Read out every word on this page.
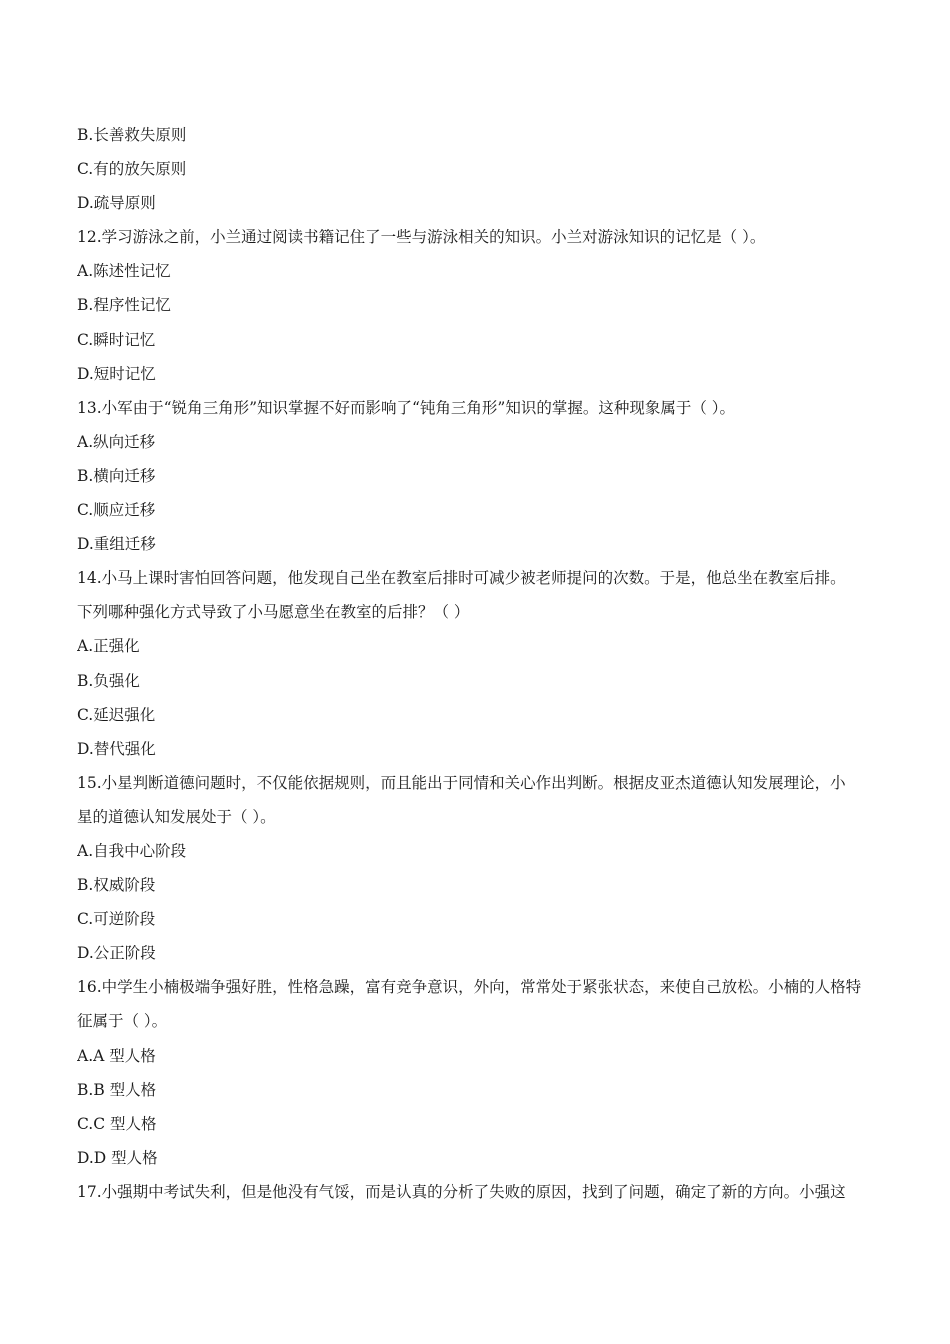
B.长善救失原则
C.有的放矢原则
D.疏导原则
12.学习游泳之前，小兰通过阅读书籍记住了一些与游泳相关的知识。小兰对游泳知识的记忆是（ ）。
A.陈述性记忆
B.程序性记忆
C.瞬时记忆
D.短时记忆
13.小军由于“锐角三角形”知识掌握不好而影响了“钝角三角形”知识的掌握。这种现象属于（ ）。
A.纵向迁移
B.横向迁移
C.顺应迁移
D.重组迁移
14.小马上课时害怕回答问题，他发现自己坐在教室后排时可减少被老师提问的次数。于是，他总坐在教室后排。
下列哪种强化方式导致了小马愿意坐在教室的后排？（ ）
A.正强化
B.负强化
C.延迟强化
D.替代强化
15.小星判断道德问题时，不仅能依据规则，而且能出于同情和关心作出判断。根据皮亚杰道德认知发展理论，小
星的道德认知发展处于（ ）。
A.自我中心阶段
B.权威阶段
C.可逆阶段
D.公正阶段
16.中学生小楠极端争强好胜，性格急躁，富有竞争意识，外向，常常处于紧张状态，来使自己放松。小楠的人格特
征属于（ ）。
A.A 型人格
B.B 型人格
C.C 型人格
D.D 型人格
17.小强期中考试失利，但是他没有气馁，而是认真的分析了失败的原因，找到了问题，确定了新的方向。小强这
